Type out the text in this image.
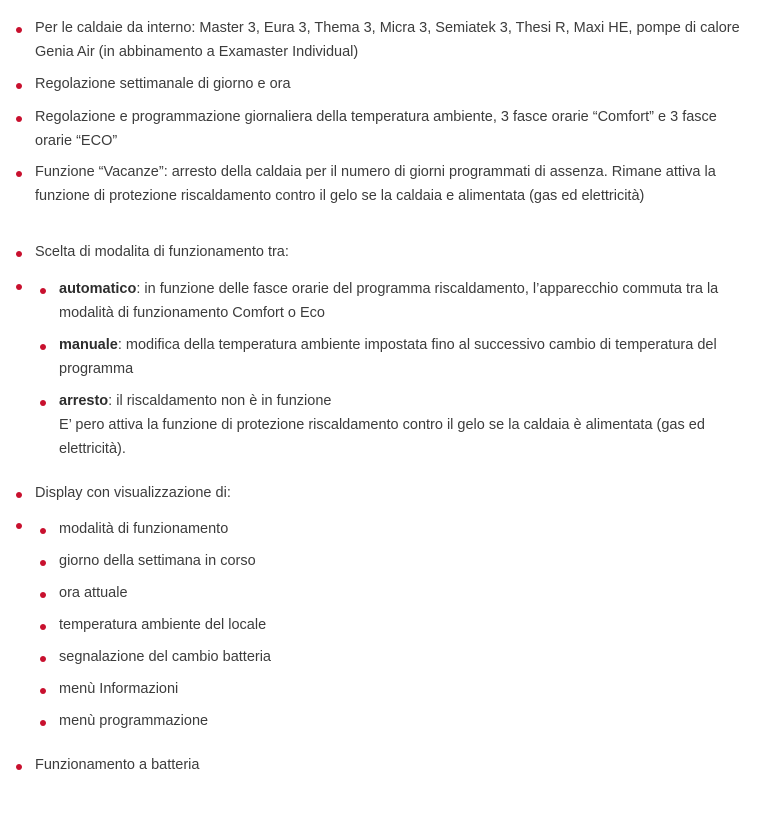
Per le caldaie da interno: Master 3, Eura 3, Thema 3, Micra 3, Semiatek 3, Thesi R, Maxi HE, pompe di calore Genia Air (in abbinamento a Examaster Individual)
Regolazione settimanale di giorno e ora
Regolazione e programmazione giornaliera della temperatura ambiente, 3 fasce orarie “Comfort” e 3 fasce orarie “ECO”
Funzione “Vacanze”: arresto della caldaia per il numero di giorni programmati di assenza. Rimane attiva la funzione di protezione riscaldamento contro il gelo se la caldaia e alimentata (gas ed elettricità)
Scelta di modalita di funzionamento tra:
automatico: in funzione delle fasce orarie del programma riscaldamento, l’apparecchio commuta tra la modalità di funzionamento Comfort o Eco
manuale: modifica della temperatura ambiente impostata fino al successivo cambio di temperatura del programma
arresto: il riscaldamento non è in funzione
E’ pero attiva la funzione di protezione riscaldamento contro il gelo se la caldaia è alimentata (gas ed elettricità).
Display con visualizzazione di:
modalità di funzionamento
giorno della settimana in corso
ora attuale
temperatura ambiente del locale
segnalazione del cambio batteria
menù Informazioni
menù programmazione
Funzionamento a batteria
